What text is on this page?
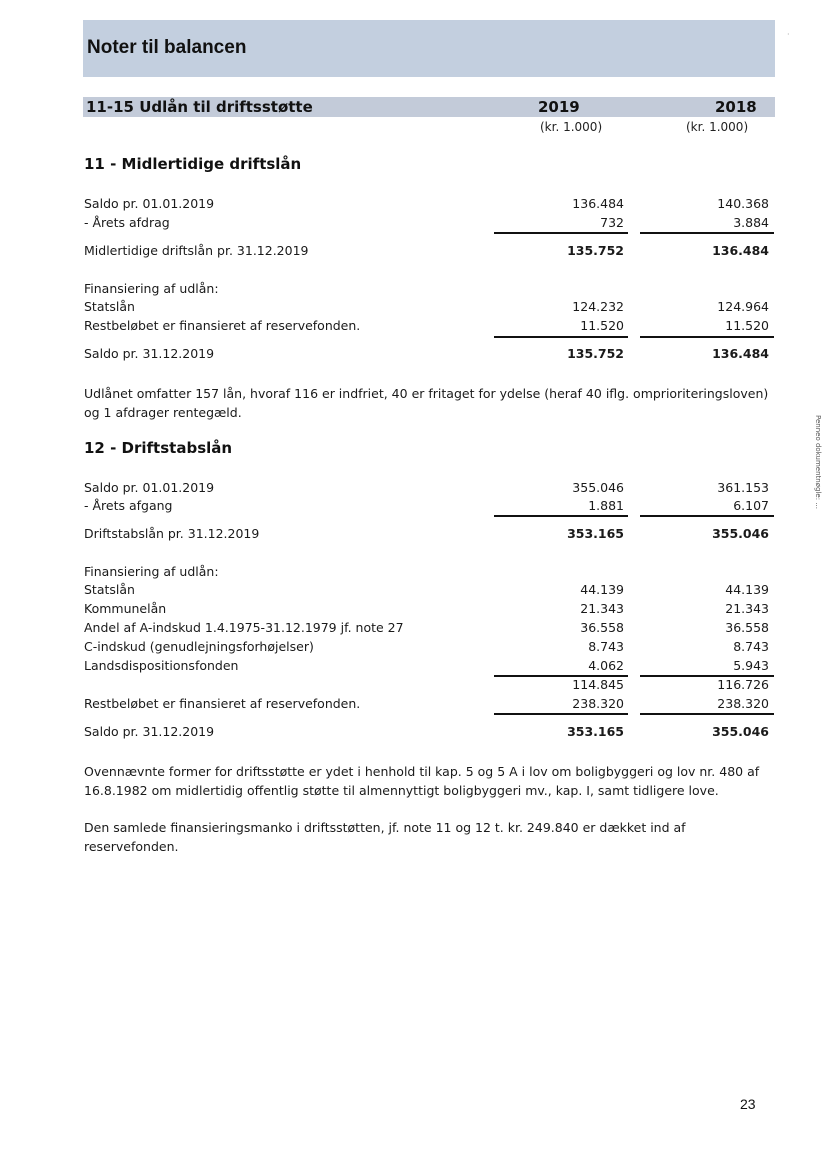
Noter til balancen
·
11-15 Udlån til driftsstøtte	2019	2018
(kr. 1.000)	(kr. 1.000)
11 - Midlertidige driftslån
Saldo pr. 01.01.2019	136.484	140.368
- Årets afdrag	732	3.884
Midlertidige driftslån pr. 31.12.2019	135.752	136.484
Finansiering af udlån:
Statslån	124.232	124.964
Restbeløbet er finansieret af reservefonden.	11.520	11.520
Saldo pr. 31.12.2019	135.752	136.484
Udlånet omfatter 157 lån, hvoraf 116 er indfriet, 40 er fritaget for ydelse (heraf 40 iflg. omprioriteringsloven) og 1 afdrager rentegæld.
12 - Driftstabslån
Saldo pr. 01.01.2019	355.046	361.153
- Årets afgang	1.881	6.107
Driftstabslån pr. 31.12.2019	353.165	355.046
Finansiering af udlån:
Statslån	44.139	44.139
Kommunelån	21.343	21.343
Andel af A-indskud 1.4.1975-31.12.1979 jf. note 27	36.558	36.558
C-indskud (genudlejningsforhøjelser)	8.743	8.743
Landsdispositionsfonden	4.062	5.943
114.845	116.726
Restbeløbet er finansieret af reservefonden.	238.320	238.320
Saldo pr. 31.12.2019	353.165	355.046
Ovennævnte former for driftsstøtte er ydet i henhold til kap. 5 og 5 A i lov om boligbyggeri og lov nr. 480 af 16.8.1982 om midlertidig offentlig støtte til almennyttigt boligbyggeri mv., kap. I, samt tidligere love.
Den samlede finansieringsmanko i driftsstøtten, jf. note 11 og 12 t. kr. 249.840 er dækket ind af reservefonden.
Penneo dokumentnøgle: ...
23
